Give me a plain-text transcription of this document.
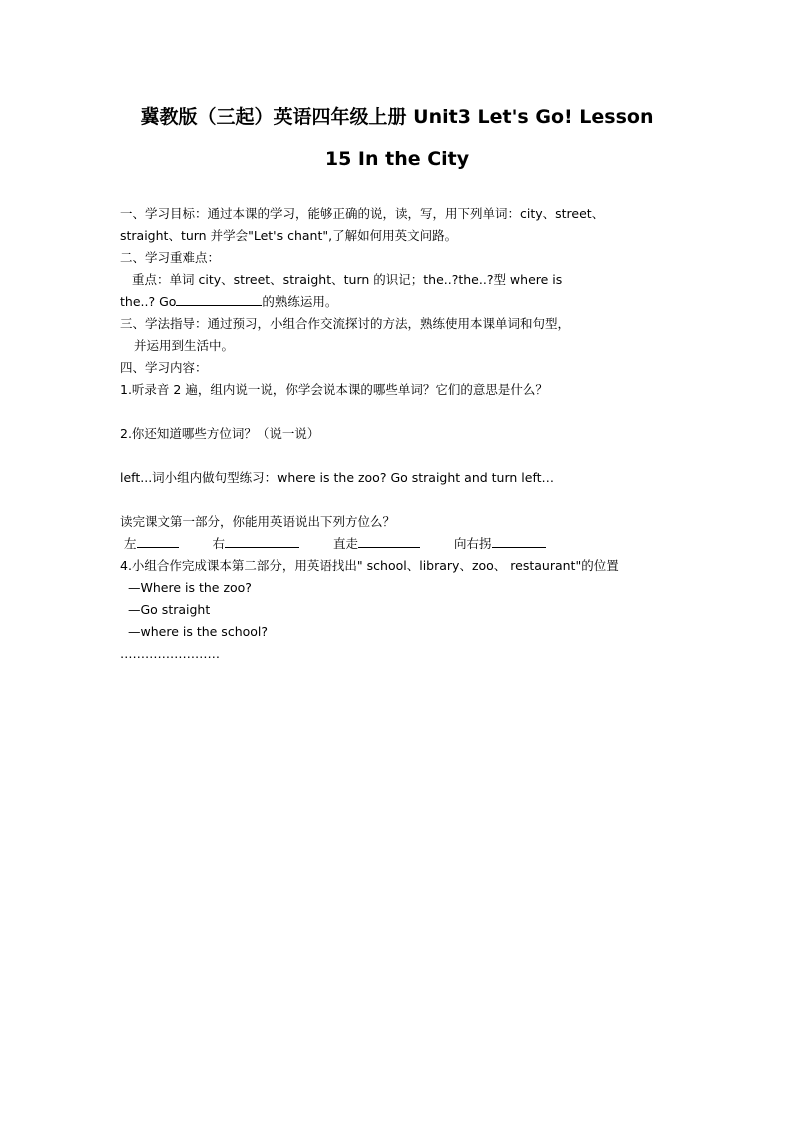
冀教版（三起）英语四年级上册 Unit3 Let's Go! Lesson
15 In the City
一、学习目标：通过本课的学习，能够正确的说，读，写，用下列单词：city、street、
straight、turn 并学会"Let's chant",了解如何用英文问路。
二、学习重难点：
重点：单词 city、street、straight、turn 的识记；the..?the..?型 where is
the..? Go	的熟练运用。
三、学法指导：通过预习，小组合作交流探讨的方法，熟练使用本课单词和句型，
并运用到生活中。
四、学习内容：
1.听录音 2 遍，组内说一说，你学会说本课的哪些单词？它们的意思是什么？
2.你还知道哪些方位词？（说一说）
left...词小组内做句型练习：where is the zoo? Go straight and turn left…
读完课文第一部分，你能用英语说出下列方位么？
左	右	直走	向右拐
4.小组合作完成课本第二部分，用英语找出" school、library、zoo、 restaurant"的位置
—Where is the zoo?
—Go straight
—where is the school?
……………………
